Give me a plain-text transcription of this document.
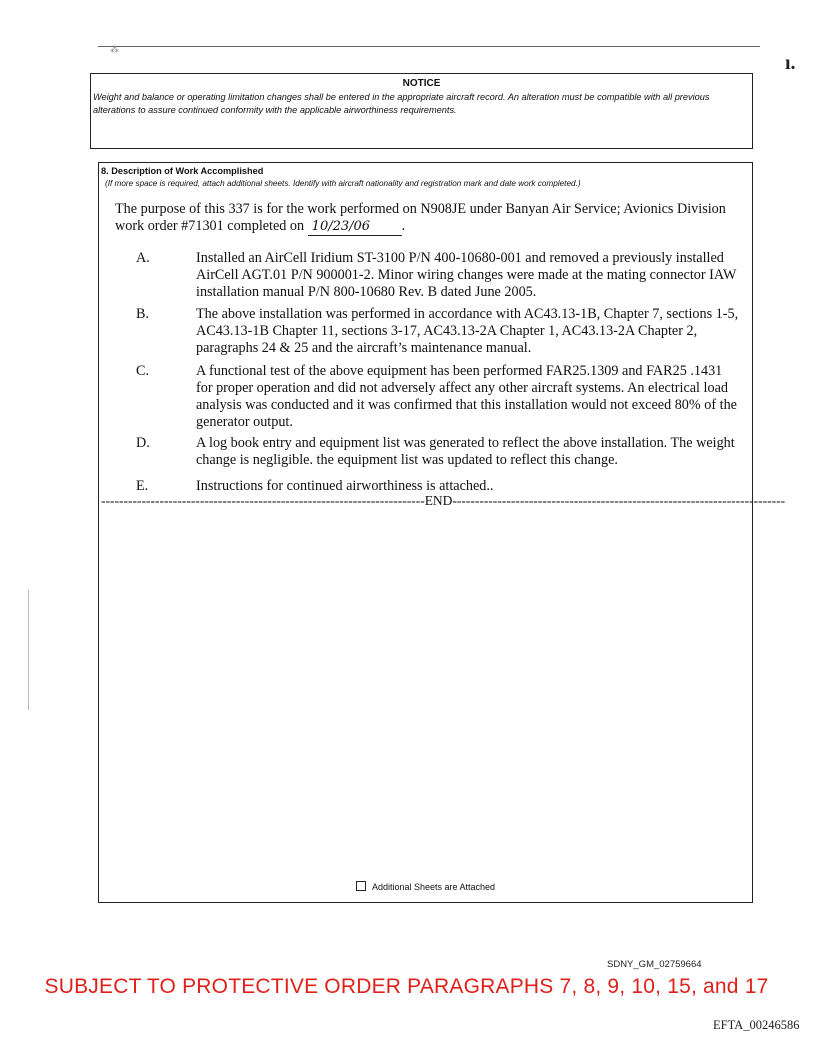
⁂
ı.
NOTICE
Weight and balance or operating limitation changes shall be entered in the appropriate aircraft record. An alteration must be compatible with all previous alterations to assure continued conformity with the applicable airworthiness requirements.
8. Description of Work Accomplished
(If more space is required, attach additional sheets. Identify with aircraft nationality and registration mark and date work completed.)
The purpose of this 337 is for the work performed on N908JE under Banyan Air Service; Avionics Division work order #71301 completed on 10/23/06 .
A.	Installed an AirCell Iridium ST-3100 P/N 400-10680-001 and removed a previously installed AirCell AGT.01 P/N 900001-2. Minor wiring changes were made at the mating connector IAW installation manual P/N 800-10680 Rev. B dated June 2005.
B.	The above installation was performed in accordance with AC43.13-1B, Chapter 7, sections 1-5, AC43.13-1B Chapter 11, sections 3-17, AC43.13-2A Chapter 1, AC43.13-2A Chapter 2, paragraphs 24 & 25 and the aircraft’s maintenance manual.
C.	A functional test of the above equipment has been performed FAR25.1309 and FAR25 .1431 for proper operation and did not adversely affect any other aircraft systems. An electrical load analysis was conducted and it was confirmed that this installation would not exceed 80% of the generator output.
D.	A log book entry and equipment list was generated to reflect the above installation. The weight change is negligible. the equipment list was updated to reflect this change.
E.	Instructions for continued airworthiness is attached..
------------------------------------------------------------------------END--------------------------------------------------------------------------
Additional Sheets are Attached
SDNY_GM_02759664
SUBJECT TO PROTECTIVE ORDER PARAGRAPHS 7, 8, 9, 10, 15, and 17
EFTA_00246586
